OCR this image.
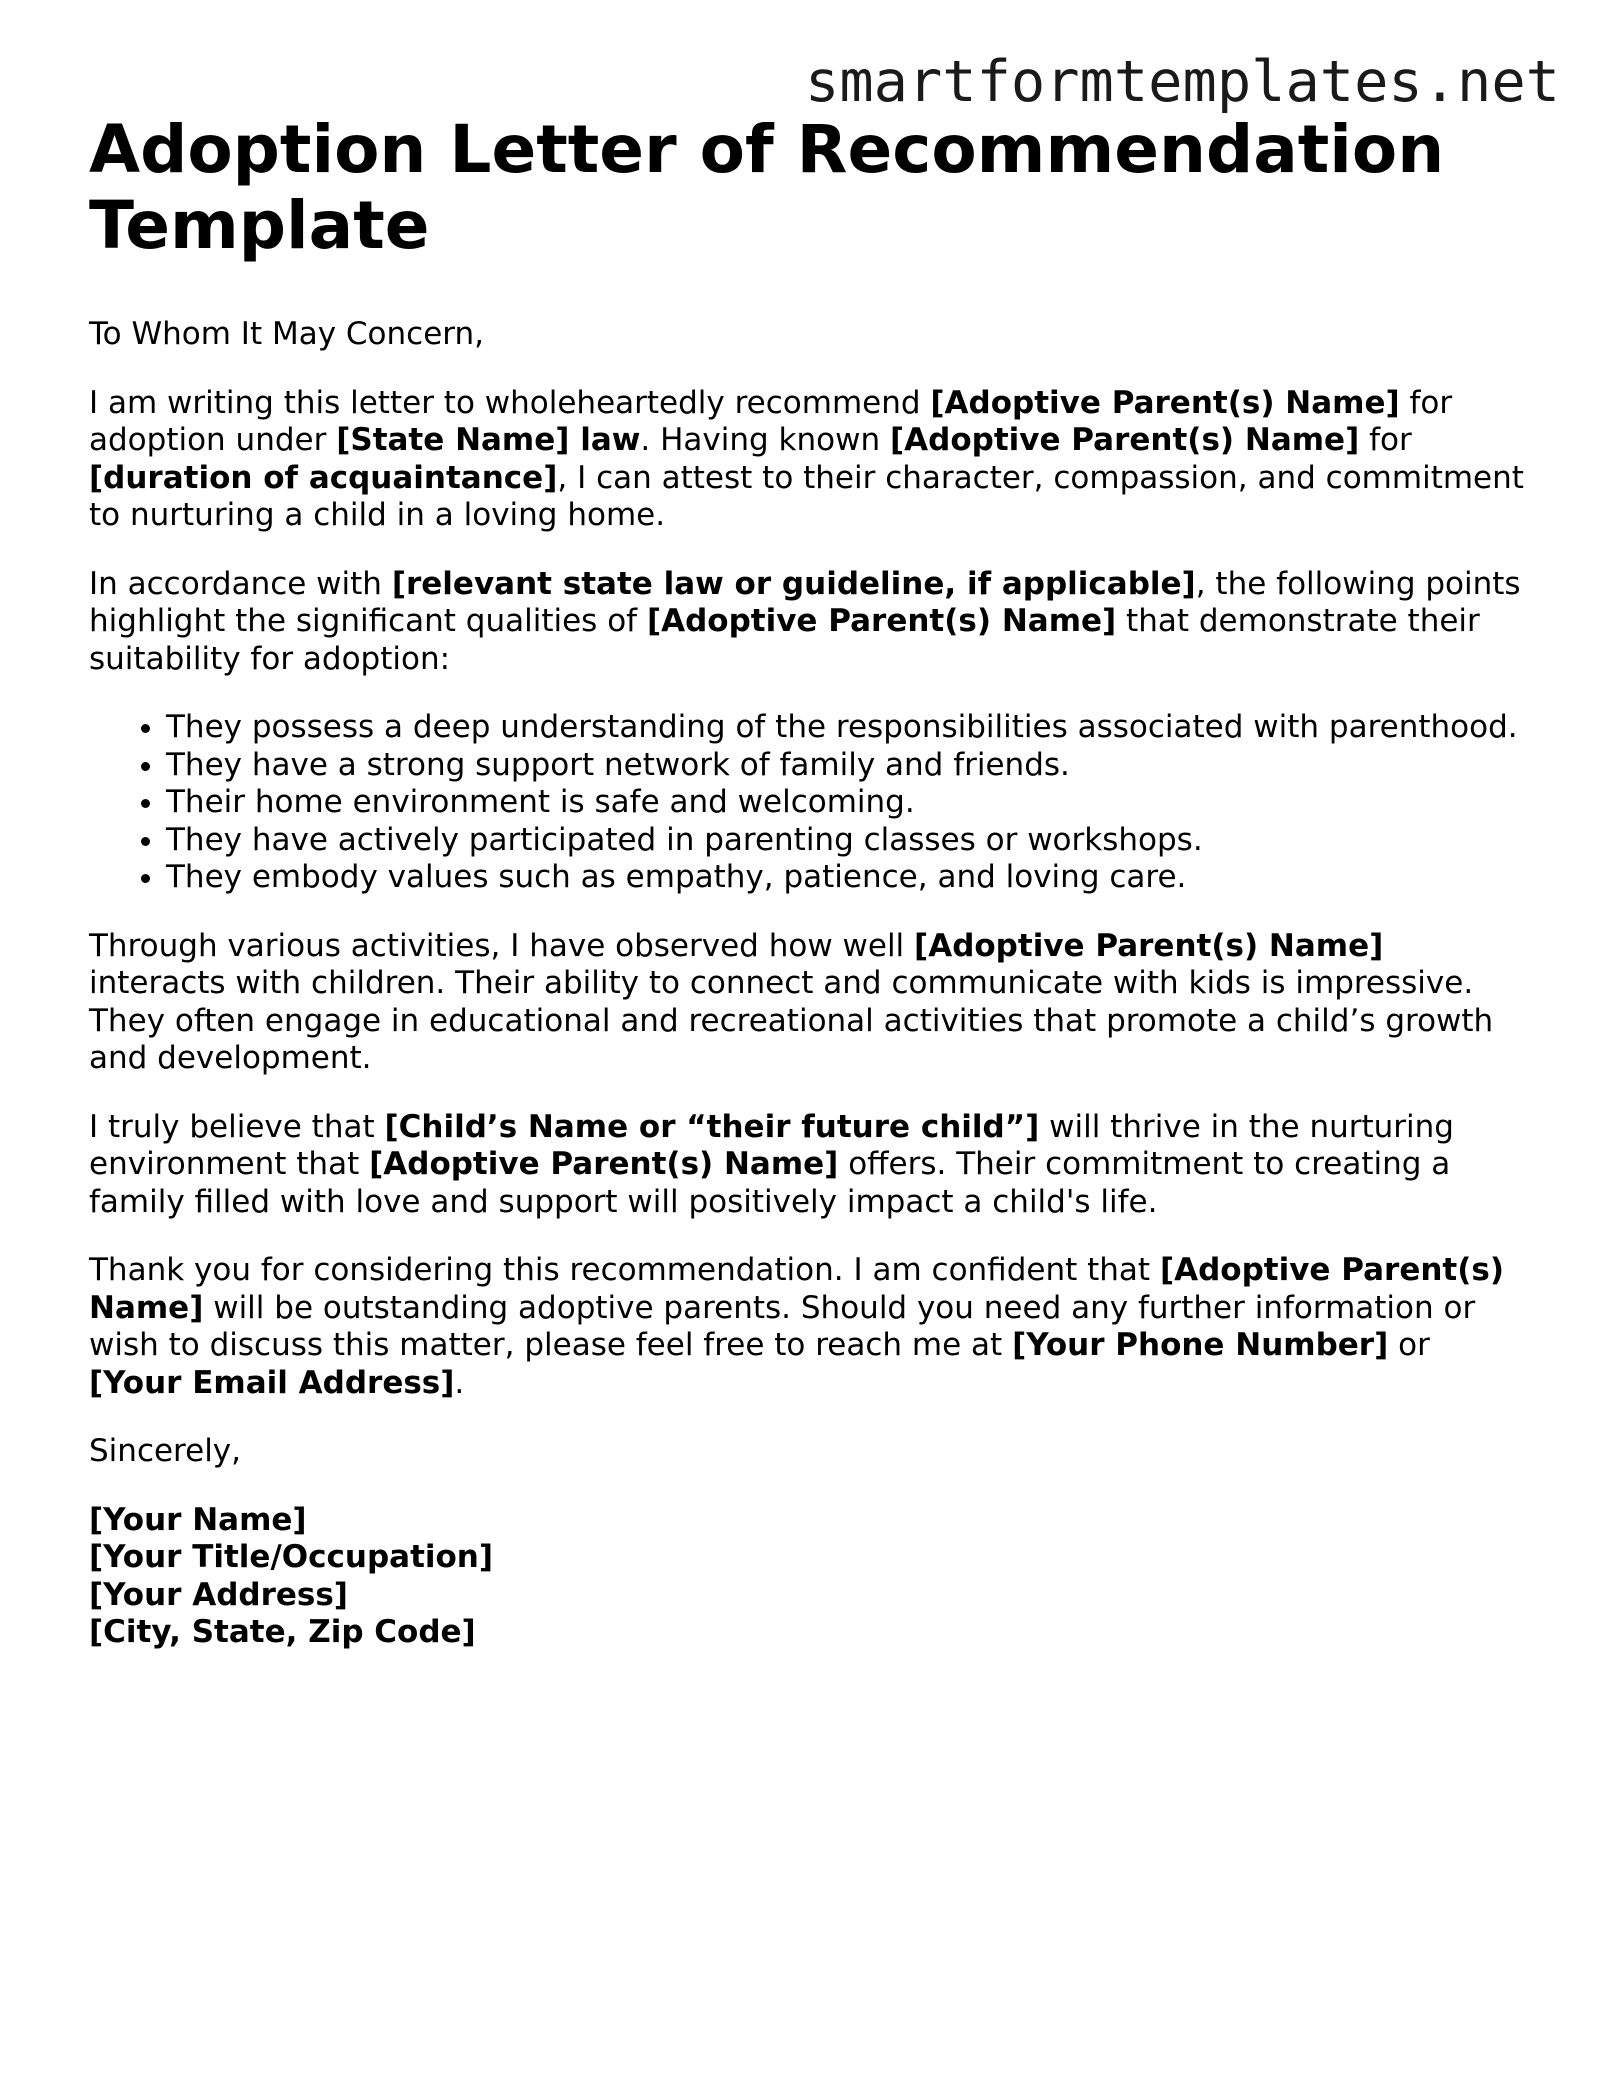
smartformtemplates.net
Adoption Letter of Recommendation Template

To Whom It May Concern,

I am writing this letter to wholeheartedly recommend [Adoptive Parent(s) Name] for adoption under [State Name] law. Having known [Adoptive Parent(s) Name] for [duration of acquaintance], I can attest to their character, compassion, and commitment to nurturing a child in a loving home.

In accordance with [relevant state law or guideline, if applicable], the following points highlight the significant qualities of [Adoptive Parent(s) Name] that demonstrate their suitability for adoption:

• They possess a deep understanding of the responsibilities associated with parenthood.
• They have a strong support network of family and friends.
• Their home environment is safe and welcoming.
• They have actively participated in parenting classes or workshops.
• They embody values such as empathy, patience, and loving care.

Through various activities, I have observed how well [Adoptive Parent(s) Name] interacts with children. Their ability to connect and communicate with kids is impressive. They often engage in educational and recreational activities that promote a child’s growth and development.

I truly believe that [Child’s Name or “their future child”] will thrive in the nurturing environment that [Adoptive Parent(s) Name] offers. Their commitment to creating a family filled with love and support will positively impact a child's life.

Thank you for considering this recommendation. I am confident that [Adoptive Parent(s) Name] will be outstanding adoptive parents. Should you need any further information or wish to discuss this matter, please feel free to reach me at [Your Phone Number] or [Your Email Address].

Sincerely,

[Your Name]
[Your Title/Occupation]
[Your Address]
[City, State, Zip Code]
